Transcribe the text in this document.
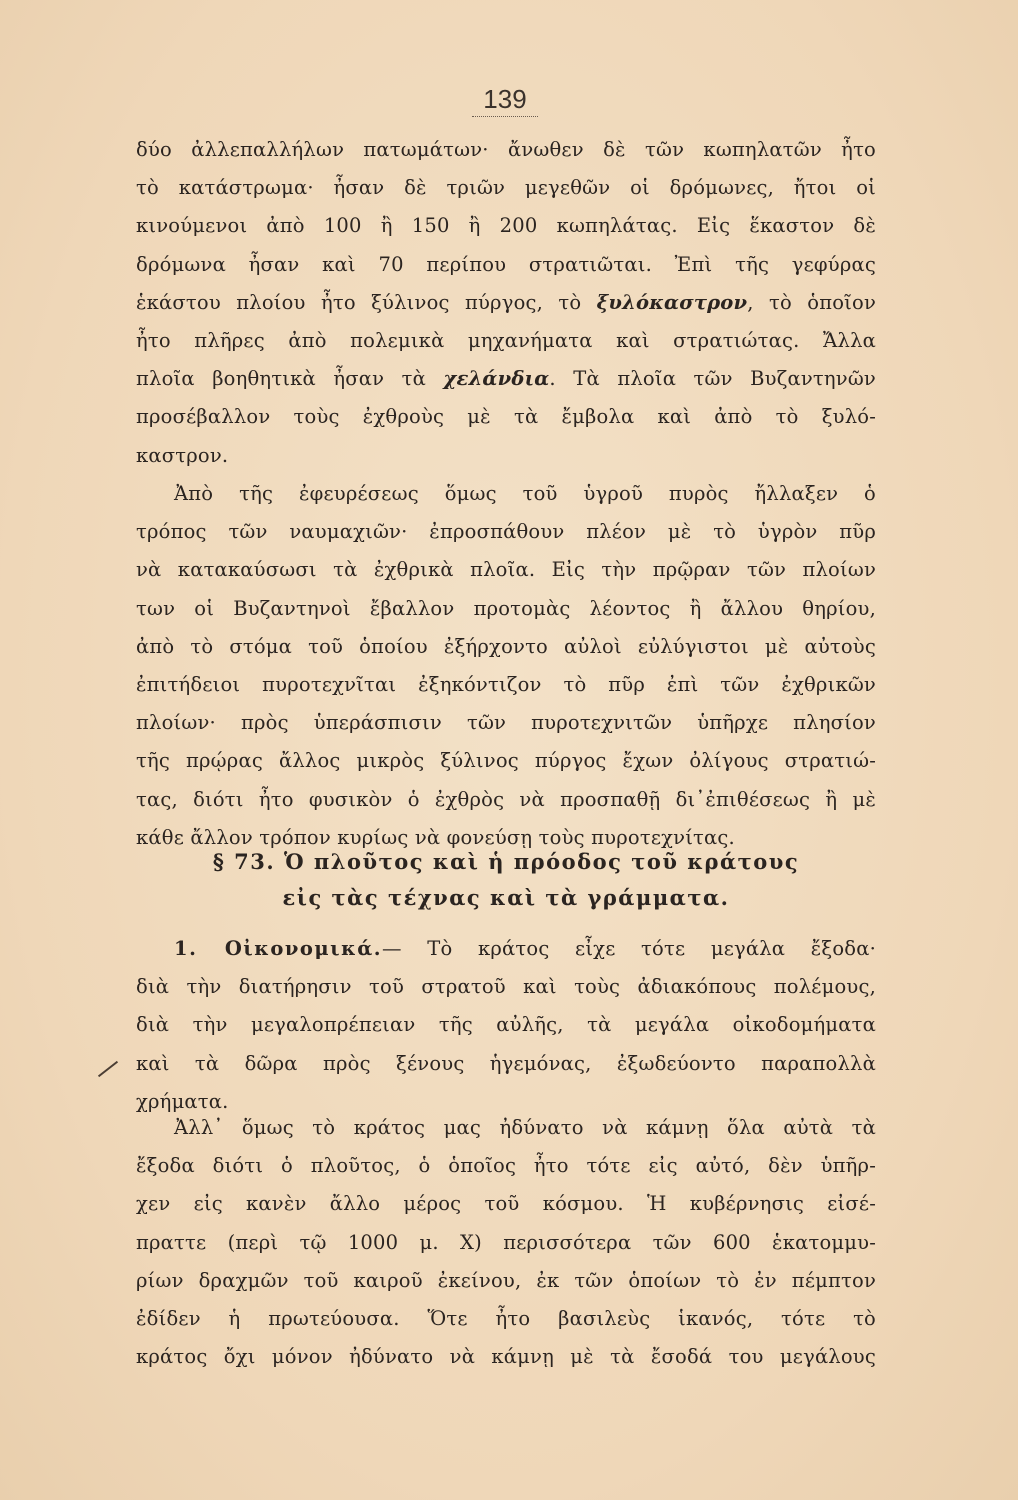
139
δύο ἀλλεπαλλήλων πατωμάτων· ἄνωθεν δὲ τῶν κωπηλατῶν ἦτο
τὸ κατάστρωμα· ἦσαν δὲ τριῶν μεγεθῶν οἱ δρόμωνες, ἤτοι οἱ
κινούμενοι ἀπὸ 100 ἢ 150 ἢ 200 κωπηλάτας. Εἰς ἕκαστον δὲ
δρόμωνα ἦσαν καὶ 70 περίπου στρατιῶται. Ἐπὶ τῆς γεφύρας
ἑκάστου πλοίου ἦτο ξύλινος πύργος, τὸ ξυλόκαστρον, τὸ ὁποῖον
ἦτο πλῆρες ἀπὸ πολεμικὰ μηχανήματα καὶ στρατιώτας. Ἄλλα
πλοῖα βοηθητικὰ ἦσαν τὰ χελάνδια. Τὰ πλοῖα τῶν Βυζαντηνῶν
προσέβαλλον τοὺς ἐχθροὺς μὲ τὰ ἔμβολα καὶ ἀπὸ τὸ ξυλό-
καστρον.
Ἀπὸ τῆς ἐφευρέσεως ὅμως τοῦ ὑγροῦ πυρὸς ἤλλαξεν ὁ
τρόπος τῶν ναυμαχιῶν· ἐπροσπάθουν πλέον μὲ τὸ ὑγρὸν πῦρ
νὰ κατακαύσωσι τὰ ἐχθρικὰ πλοῖα. Εἰς τὴν πρῷραν τῶν πλοίων
των οἱ Βυζαντηνοὶ ἔβαλλον προτομὰς λέοντος ἢ ἄλλου θηρίου,
ἀπὸ τὸ στόμα τοῦ ὁποίου ἐξήρχοντο αὐλοὶ εὐλύγιστοι μὲ αὐτοὺς
ἐπιτήδειοι πυροτεχνῖται ἐξηκόντιζον τὸ πῦρ ἐπὶ τῶν ἐχθρικῶν
πλοίων· πρὸς ὑπεράσπισιν τῶν πυροτεχνιτῶν ὑπῆρχε πλησίον
τῆς πρῴρας ἄλλος μικρὸς ξύλινος πύργος ἔχων ὀλίγους στρατιώ-
τας, διότι ἦτο φυσικὸν ὁ ἐχθρὸς νὰ προσπαθῇ δι᾿ἐπιθέσεως ἢ μὲ
κάθε ἄλλον τρόπον κυρίως νὰ φονεύσῃ τοὺς πυροτεχνίτας.
§ 73. Ὁ πλοῦτος καὶ ἡ πρόοδος τοῦ κράτους
εἰς τὰς τέχνας καὶ τὰ γράμματα.
1. Οἰκονομικά.— Τὸ κράτος εἶχε τότε μεγάλα ἔξοδα·
διὰ τὴν διατήρησιν τοῦ στρατοῦ καὶ τοὺς ἀδιακόπους πολέμους,
διὰ τὴν μεγαλοπρέπειαν τῆς αὐλῆς, τὰ μεγάλα οἰκοδομήματα
καὶ τὰ δῶρα πρὸς ξένους ἡγεμόνας, ἐξωδεύοντο παραπολλὰ
χρήματα.
Ἀλλ᾿ ὅμως τὸ κράτος μας ἠδύνατο νὰ κάμνῃ ὅλα αὐτὰ τὰ
ἔξοδα διότι ὁ πλοῦτος, ὁ ὁποῖος ἦτο τότε εἰς αὐτό, δὲν ὑπῆρ-
χεν εἰς κανὲν ἄλλο μέρος τοῦ κόσμου. Ἡ κυβέρνησις εἰσέ-
πραττε (περὶ τῷ 1000 μ. Χ) περισσότερα τῶν 600 ἑκατομμυ-
ρίων δραχμῶν τοῦ καιροῦ ἐκείνου, ἐκ τῶν ὁποίων τὸ ἐν πέμπτον
ἐδίδεν ἡ πρωτεύουσα. Ὅτε ἦτο βασιλεὺς ἱκανός, τότε τὸ
κράτος ὄχι μόνον ἠδύνατο νὰ κάμνῃ μὲ τὰ ἔσοδά του μεγάλους
